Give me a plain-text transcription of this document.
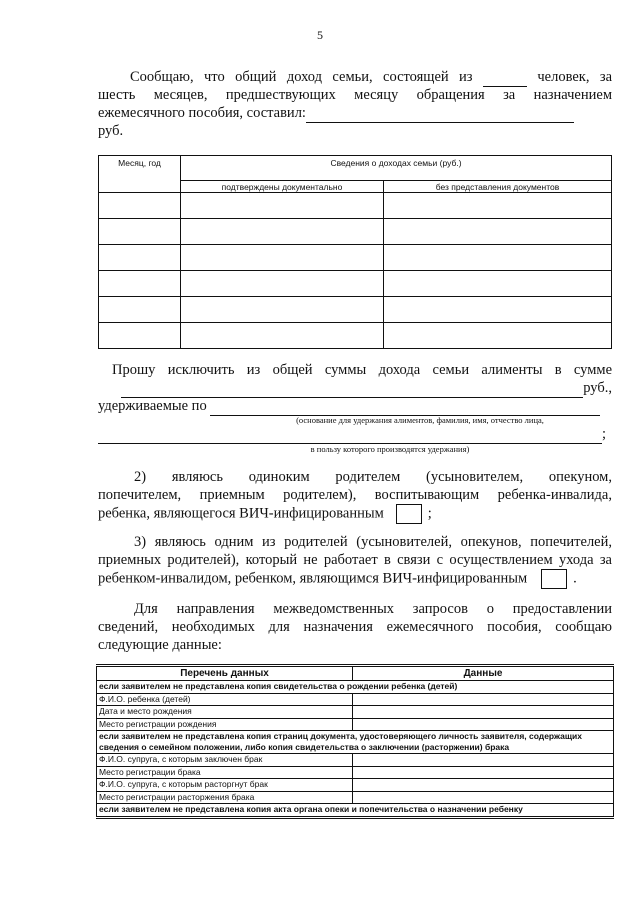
5
Сообщаю, что общий доход семьи, состоящей из	человек, за
шесть месяцев, предшествующих месяцу обращения за назначением
ежемесячного пособия, составил:
руб.
Месяц, год	Сведения о доходах семьи (руб.)	
	подтверждены документально	без представления документов

Прошу исключить из общей суммы дохода семьи алименты в сумме
руб.,
удерживаемые по
(основание для удержания алиментов, фамилия, имя, отчество лица,
;
в пользу которого производятся удержания)
2) являюсь одиноким родителем (усыновителем, опекуном,
попечителем, приемным родителем), воспитывающим ребенка-инвалида,
ребенка, являющегося ВИЧ-инфицированным	;
3) являюсь одним из родителей (усыновителей, опекунов, попечителей,
приемных родителей), который не работает в связи с осуществлением ухода за
ребенком-инвалидом, ребенком, являющимся ВИЧ-инфицированным	.
Для направления межведомственных запросов о предоставлении
сведений, необходимых для назначения ежемесячного пособия, сообщаю
следующие данные:
Перечень данных	Данные
если заявителем не представлена копия свидетельства о рождении ребенка (детей)	
Ф.И.О. ребенка (детей)	
Дата и место рождения	
Место регистрации рождения	
если заявителем не представлена копия страниц документа, удостоверяющего личность заявителя, содержащих сведения о семейном положении, либо копия свидетельства о заключении (расторжении) брака	
Ф.И.О. супруга, с которым заключен брак	
Место регистрации брака	
Ф.И.О. супруга, с которым расторгнут брак	
Место регистрации расторжения брака	
если заявителем не представлена копия акта органа опеки и попечительства о назначении ребенку	
